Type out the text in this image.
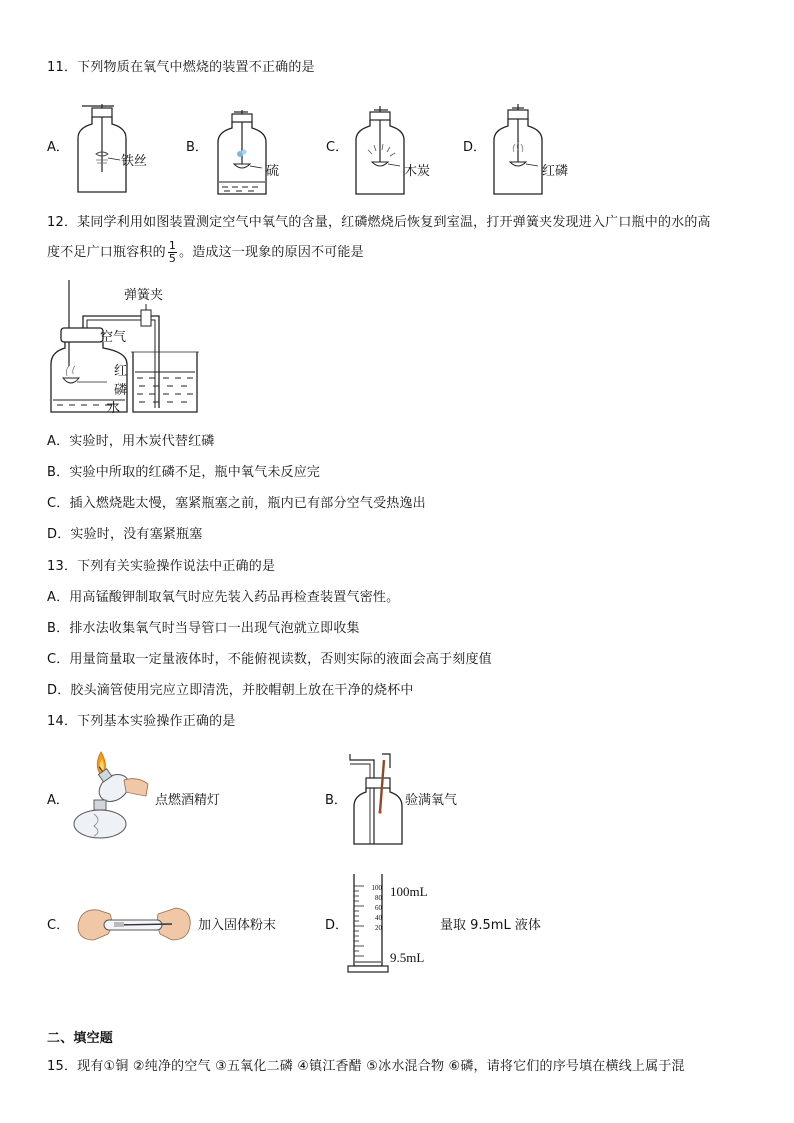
11．下列物质在氧气中燃烧的装置不正确的是
A．
铁丝
B．
硫
C．
木炭
D．
红磷
12．某同学利用如图装置测定空气中氧气的含量，红磷燃烧后恢复到室温，打开弹簧夹发现进入广口瓶中的水的高
度不足广口瓶容积的 $\frac{1}{5}$ 。造成这一现象的原因不可能是
弹簧夹
空气
红
磷
水
A．实验时，用木炭代替红磷
B．实验中所取的红磷不足，瓶中氧气未反应完
C．插入燃烧匙太慢，塞紧瓶塞之前，瓶内已有部分空气受热逸出
D．实验时，没有塞紧瓶塞
13．下列有关实验操作说法中正确的是
A．用高锰酸钾制取氧气时应先装入药品再检查装置气密性。
B．排水法收集氧气时当导管口一出现气泡就立即收集
C．用量筒量取一定量液体时，不能俯视读数，否则实际的液面会高于刻度值
D．胶头滴管使用完应立即清洗，并胶帽朝上放在干净的烧杯中
14．下列基本实验操作正确的是
A．	点燃酒精灯	B．	验满氧气
C．	加入固体粉末	D．
100
80
60
40
20
100mL
9.5mL
量取 9.5mL 液体
二、填空题
15．现有①铜 ②纯净的空气 ③五氧化二磷 ④镇江香醋 ⑤冰水混合物 ⑥磷，请将它们的序号填在横线上属于混
